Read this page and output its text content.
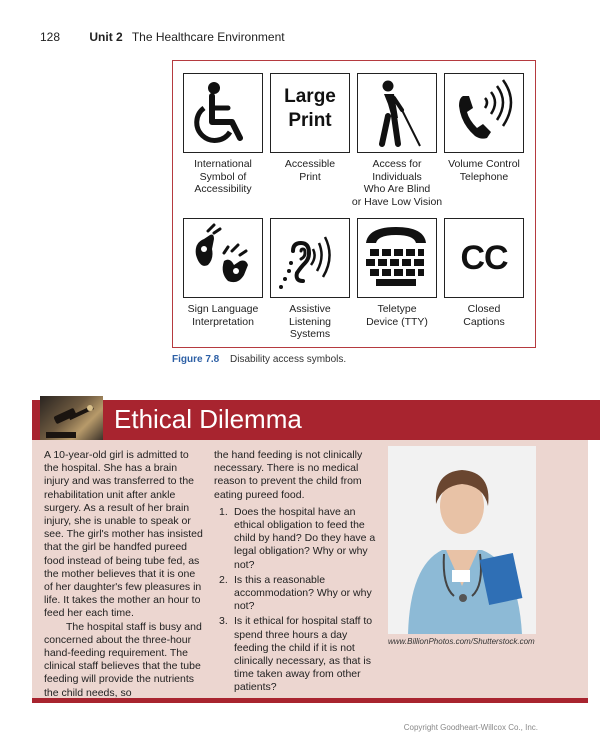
128 Unit 2 The Healthcare Environment
Large
Print
International
Symbol of
Accessibility
Accessible
Print
Access for
Individuals
Who Are Blind
or Have Low Vision
Volume Control
Telephone
CC
Sign Language
Interpretation
Assistive
Listening
Systems
Teletype
Device (TTY)
Closed
Captions
Figure 7.8 Disability access symbols.
Ethical Dilemma

A 10-year-old girl is admitted to the hospital. She has a brain injury and was transferred to the rehabilitation unit after ankle surgery. As a result of her brain injury, she is unable to speak or see. The girl's mother has insisted that the girl be handfed pureed food instead of being tube fed, as the mother believes that it is one of her daughter's few pleasures in life. It takes the mother an hour to feed her each time.

The hospital staff is busy and concerned about the three-hour hand-feeding requirement. The clinical staff believes that the tube feeding will provide the nutrients the child needs, so

the hand feeding is not clinically necessary. There is no medical reason to prevent the child from eating pureed food.

1. Does the hospital have an ethical obligation to feed the child by hand? Do they have a legal obligation? Why or why not?
2. Is this a reasonable accommodation? Why or why not?
3. Is it ethical for hospital staff to spend three hours a day feeding the child if it is not clinically necessary, as that is time taken away from other patients?
www.BillionPhotos.com/Shutterstock.com
Copyright Goodheart-Willcox Co., Inc.
